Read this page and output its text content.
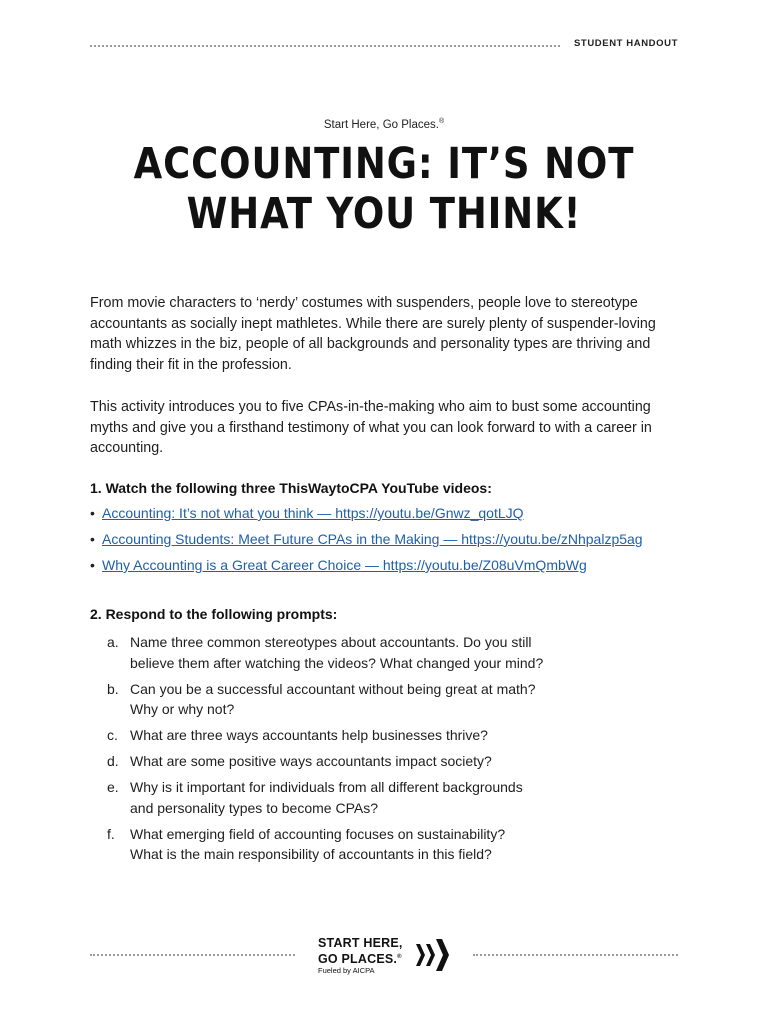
STUDENT HANDOUT
Start Here, Go Places.®
ACCOUNTING: IT’S NOT
WHAT YOU THINK!

From movie characters to ‘nerdy’ costumes with suspenders, people love to stereotype accountants as socially inept mathletes. While there are surely plenty of suspender-loving math whizzes in the biz, people of all backgrounds and personality types are thriving and finding their fit in the profession.

This activity introduces you to five CPAs-in-the-making who aim to bust some accounting myths and give you a firsthand testimony of what you can look forward to with a career in accounting.

1. Watch the following three ThisWaytoCPA YouTube videos:
• Accounting: It’s not what you think — https://youtu.be/Gnwz_qotLJQ
• Accounting Students: Meet Future CPAs in the Making — https://youtu.be/zNhpalzp5ag
• Why Accounting is a Great Career Choice — https://youtu.be/Z08uVmQmbWg
2. Respond to the following prompts:
a. Name three common stereotypes about accountants. Do you still
believe them after watching the videos? What changed your mind?
b. Can you be a successful accountant without being great at math?
Why or why not?
c. What are three ways accountants help businesses thrive?
d. What are some positive ways accountants impact society?
e. Why is it important for individuals from all different backgrounds
and personality types to become CPAs?
f. What emerging field of accounting focuses on sustainability?
What is the main responsibility of accountants in this field?
START HERE,
GO PLACES.®
Fueled by AICPA
